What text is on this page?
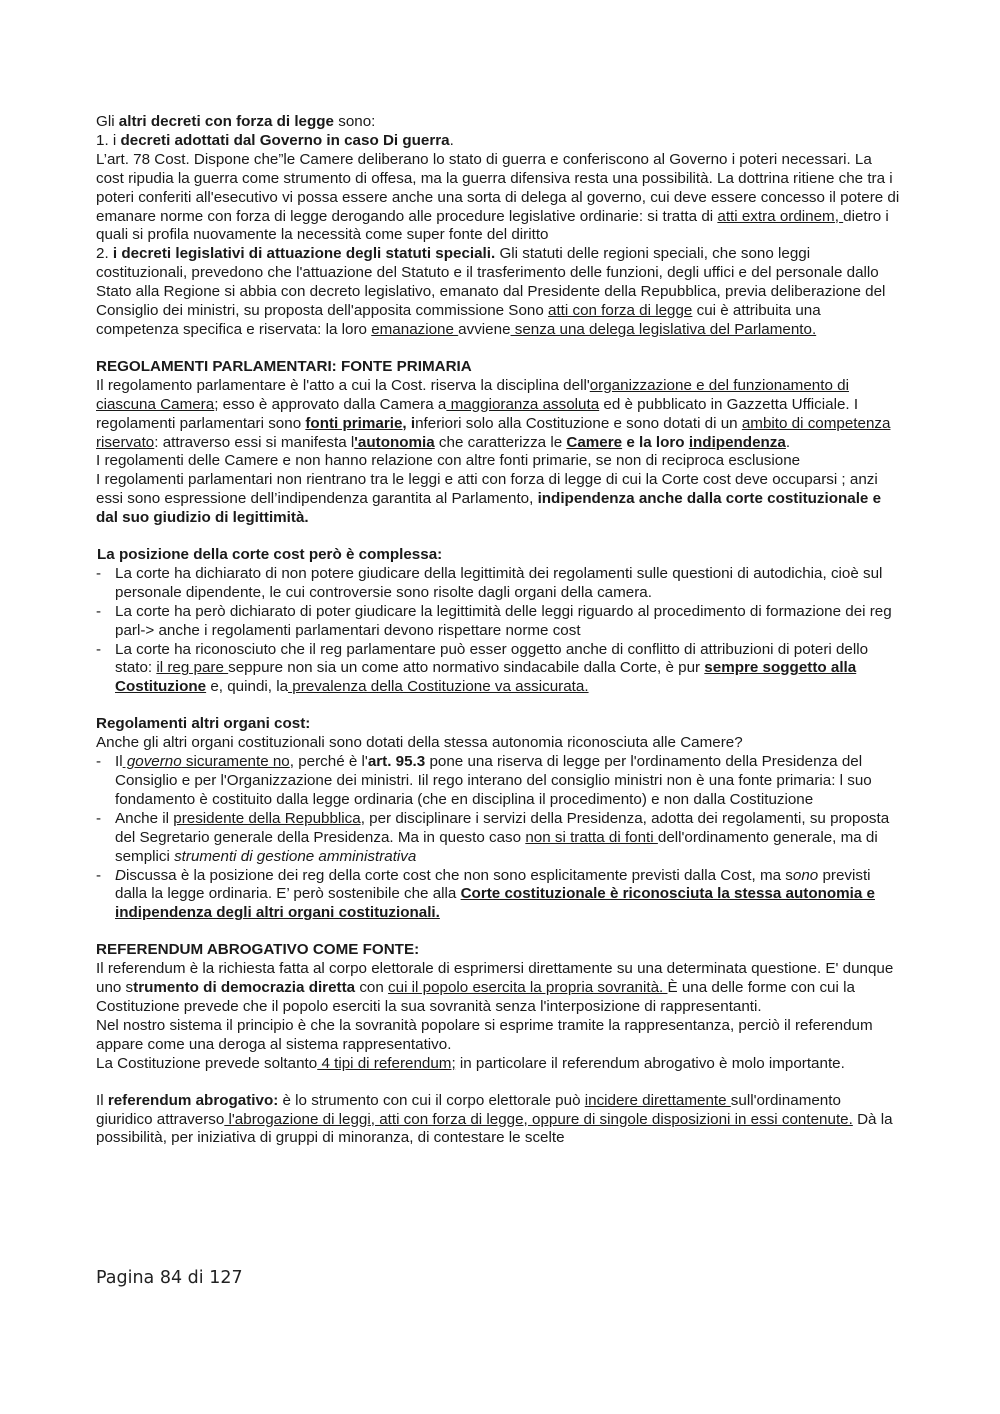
Gli altri decreti con forza di legge sono:

1. i decreti adottati dal Governo in caso Di guerra.

L’art. 78 Cost. Dispone che”le Camere deliberano lo stato di guerra e conferiscono al Governo i poteri necessari. La cost ripudia la guerra come strumento di offesa, ma la guerra difensiva resta una possibilità. La dottrina ritiene che tra i poteri conferiti all'esecutivo vi possa essere anche una sorta di delega al governo, cui deve essere concesso il potere di emanare norme con forza di legge derogando alle procedure legislative ordinarie: si tratta di atti extra ordinem, dietro i quali si profila nuovamente la necessità come super fonte del diritto

2. i decreti legislativi di attuazione degli statuti speciali. Gli statuti delle regioni speciali, che sono leggi costituzionali, prevedono che l'attuazione del Statuto e il trasferimento delle funzioni, degli uffici e del personale dallo Stato alla Regione si abbia con decreto legislativo, emanato dal Presidente della Repubblica, previa deliberazione del Consiglio dei ministri, su proposta dell'apposita commissione Sono atti con forza di legge cui è attribuita una competenza specifica e riservata: la loro emanazione avviene senza una delega legislativa del Parlamento.

REGOLAMENTI PARLAMENTARI: FONTE PRIMARIA

Il regolamento parlamentare è l'atto a cui la Cost. riserva la disciplina dell'organizzazione e del funzionamento di ciascuna Camera; esso è approvato dalla Camera a maggioranza assoluta ed è pubblicato in Gazzetta Ufficiale. I regolamenti parlamentari sono fonti primarie, inferiori solo alla Costituzione e sono dotati di un ambito di competenza riservato: attraverso essi si manifesta l'autonomia che caratterizza le Camere e la loro indipendenza.

I regolamenti delle Camere e non hanno relazione con altre fonti primarie, se non di reciproca esclusione

I regolamenti parlamentari non rientrano tra le leggi e atti con forza di legge di cui la Corte cost deve occuparsi ; anzi essi sono espressione dell’indipendenza garantita al Parlamento, indipendenza anche dalla corte costituzionale e dal suo giudizio di legittimità.

La posizione della corte cost però è complessa:

- La corte ha dichiarato di non potere giudicare della legittimità dei regolamenti sulle questioni di autodichia, cioè sul personale dipendente, le cui controversie sono risolte dagli organi della camera.
- La corte ha però dichiarato di poter giudicare la legittimità delle leggi riguardo al procedimento di formazione dei reg parl-> anche i regolamenti parlamentari devono rispettare norme cost
- La corte ha riconosciuto che il reg parlamentare può esser oggetto anche di conflitto di attribuzioni di poteri dello stato: il reg pare seppure non sia un come atto normativo sindacabile dalla Corte, è pur sempre soggetto alla Costituzione e, quindi, la prevalenza della Costituzione va assicurata.

Regolamenti altri organi cost:

Anche gli altri organi costituzionali sono dotati della stessa autonomia riconosciuta alle Camere?

- Il governo sicuramente no, perché è l'art. 95.3 pone una riserva di legge per l'ordinamento della Presidenza del Consiglio e per l'Organizzazione dei ministri. Iil rego interano del consiglio ministri non è una fonte primaria: l suo fondamento è costituito dalla legge ordinaria (che en disciplina il procedimento) e non dalla Costituzione
- Anche il presidente della Repubblica, per disciplinare i servizi della Presidenza, adotta dei regolamenti, su proposta del Segretario generale della Presidenza. Ma in questo caso non si tratta di fonti dell'ordinamento generale, ma di semplici strumenti di gestione amministrativa
- Discussa è la posizione dei reg della corte cost che non sono esplicitamente previsti dalla Cost, ma sono previsti dalla la legge ordinaria. E’ però sostenibile che alla Corte costituzionale è riconosciuta la stessa autonomia e indipendenza degli altri organi costituzionali.

REFERENDUM ABROGATIVO COME FONTE:

Il referendum è la richiesta fatta al corpo elettorale di esprimersi direttamente su una determinata questione. E' dunque uno strumento di democrazia diretta con cui il popolo esercita la propria sovranità. È una delle forme con cui la Costituzione prevede che il popolo eserciti la sua sovranità senza l'interposizione di rappresentanti.

Nel nostro sistema il principio è che la sovranità popolare si esprime tramite la rappresentanza, perciò il referendum appare come una deroga al sistema rappresentativo.

La Costituzione prevede soltanto 4 tipi di referendum; in particolare il referendum abrogativo è molo importante.

Il referendum abrogativo: è lo strumento con cui il corpo elettorale può incidere direttamente sull'ordinamento giuridico attraverso l'abrogazione di leggi, atti con forza di legge, oppure di singole disposizioni in essi contenute. Dà la possibilità, per iniziativa di gruppi di minoranza, di contestare le scelte

Pagina 84 di 127
